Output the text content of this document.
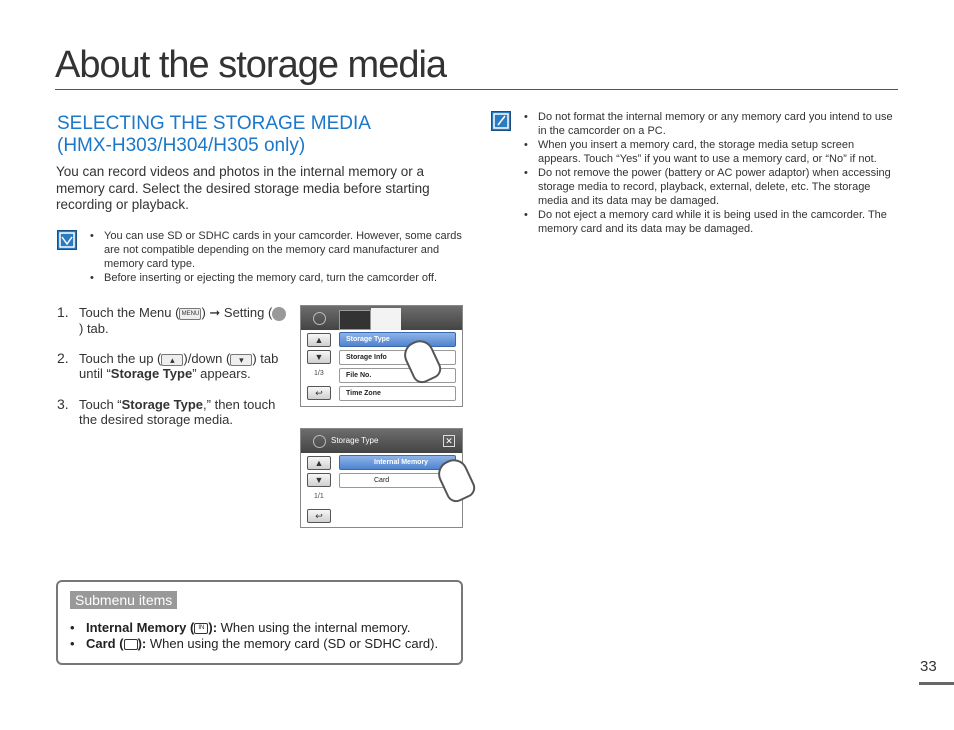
About the storage media
SELECTING THE STORAGE MEDIA
(HMX-H303/H304/H305 only)
You can record videos and photos in the internal memory or a memory card. Select the desired storage media before starting recording or playback.
• You can use SD or SDHC cards in your camcorder. However, some cards are not compatible depending on the memory card manufacturer and memory card type.
• Before inserting or ejecting the memory card, turn the camcorder off.
• Do not format the internal memory or any memory card you intend to use in the camcorder on a PC.
• When you insert a memory card, the storage media setup screen appears. Touch “Yes” if you want to use a memory card, or “No” if not.
• Do not remove the power (battery or AC power adaptor) when accessing storage media to record, playback, external, delete, etc. The storage media and its data may be damaged.
• Do not eject a memory card while it is being used in the camcorder. The memory card and its data may be damaged.
1. Touch the Menu ( MENU ) ➞ Setting () tab.
2. Touch the up ( ▴ )/down ( ▾ ) tab until “Storage Type” appears.
3. Touch “Storage Type,” then touch the desired storage media.
▲
▼
1/3
↩
Storage Type
Storage Info
File No.
Time Zone
Storage Type	✕
▲
▼
1/1
↩
Internal Memory
Card
Submenu items
• Internal Memory ( IN ): When using the internal memory.
• Card ( ): When using the memory card (SD or SDHC card).
33
